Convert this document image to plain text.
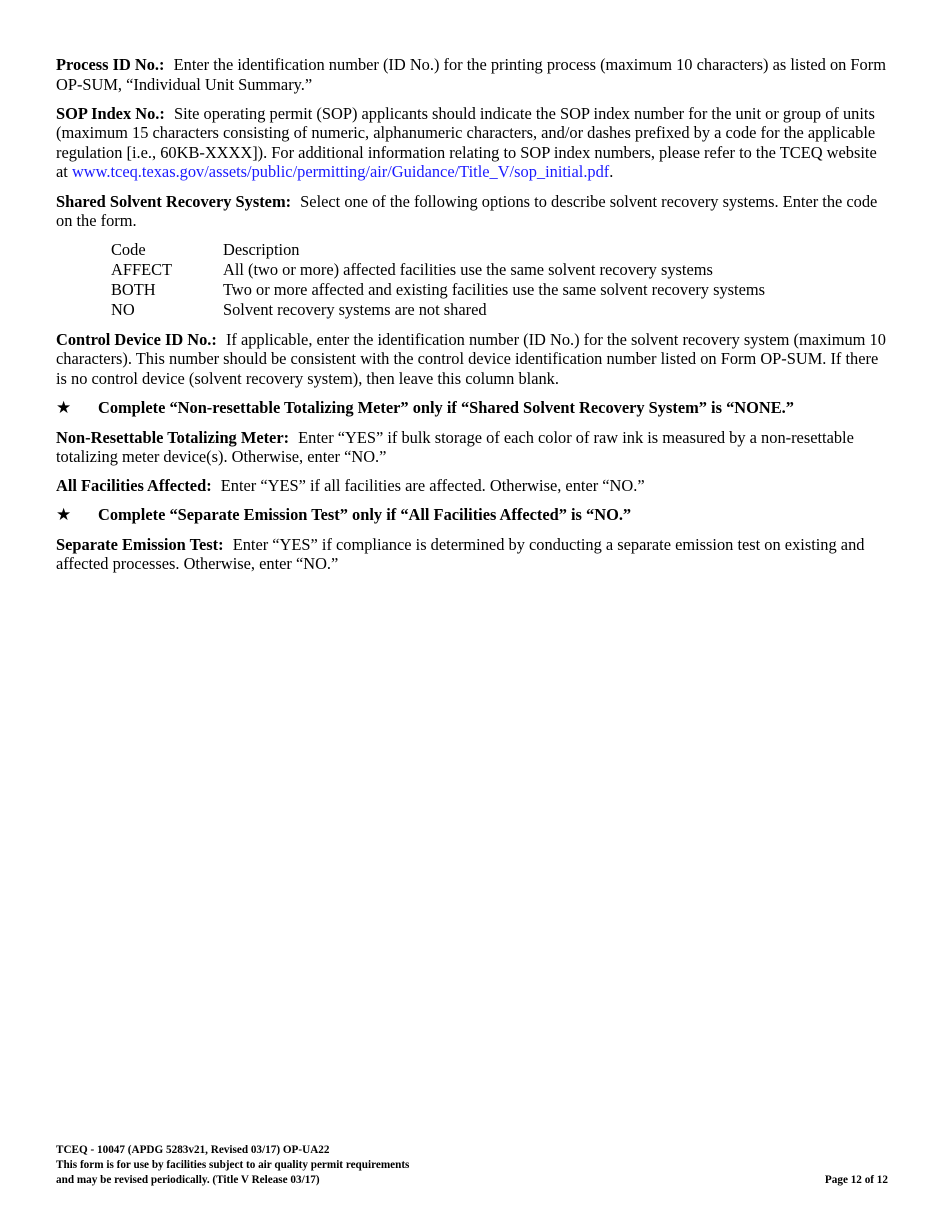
Process ID No.: Enter the identification number (ID No.) for the printing process (maximum 10 characters) as listed on Form OP-SUM, “Individual Unit Summary.”

SOP Index No.: Site operating permit (SOP) applicants should indicate the SOP index number for the unit or group of units (maximum 15 characters consisting of numeric, alphanumeric characters, and/or dashes prefixed by a code for the applicable regulation [i.e., 60KB-XXXX]). For additional information relating to SOP index numbers, please refer to the TCEQ website at www.tceq.texas.gov/assets/public/permitting/air/Guidance/Title_V/sop_initial.pdf.

Shared Solvent Recovery System: Select one of the following options to describe solvent recovery systems. Enter the code on the form.

Code	Description
AFFECT	All (two or more) affected facilities use the same solvent recovery systems
BOTH	Two or more affected and existing facilities use the same solvent recovery systems
NO	Solvent recovery systems are not shared

Control Device ID No.: If applicable, enter the identification number (ID No.) for the solvent recovery system (maximum 10 characters). This number should be consistent with the control device identification number listed on Form OP-SUM. If there is no control device (solvent recovery system), then leave this column blank.

★	Complete “Non-resettable Totalizing Meter” only if “Shared Solvent Recovery System” is “NONE.”

Non-Resettable Totalizing Meter: Enter “YES” if bulk storage of each color of raw ink is measured by a non-resettable totalizing meter device(s). Otherwise, enter “NO.”

All Facilities Affected: Enter “YES” if all facilities are affected. Otherwise, enter “NO.”

★	Complete “Separate Emission Test” only if “All Facilities Affected” is “NO.”

Separate Emission Test: Enter “YES” if compliance is determined by conducting a separate emission test on existing and affected processes. Otherwise, enter “NO.”

TCEQ - 10047 (APDG 5283v21, Revised 03/17) OP-UA22
This form is for use by facilities subject to air quality permit requirements
and may be revised periodically. (Title V Release 03/17)	Page 12 of 12
